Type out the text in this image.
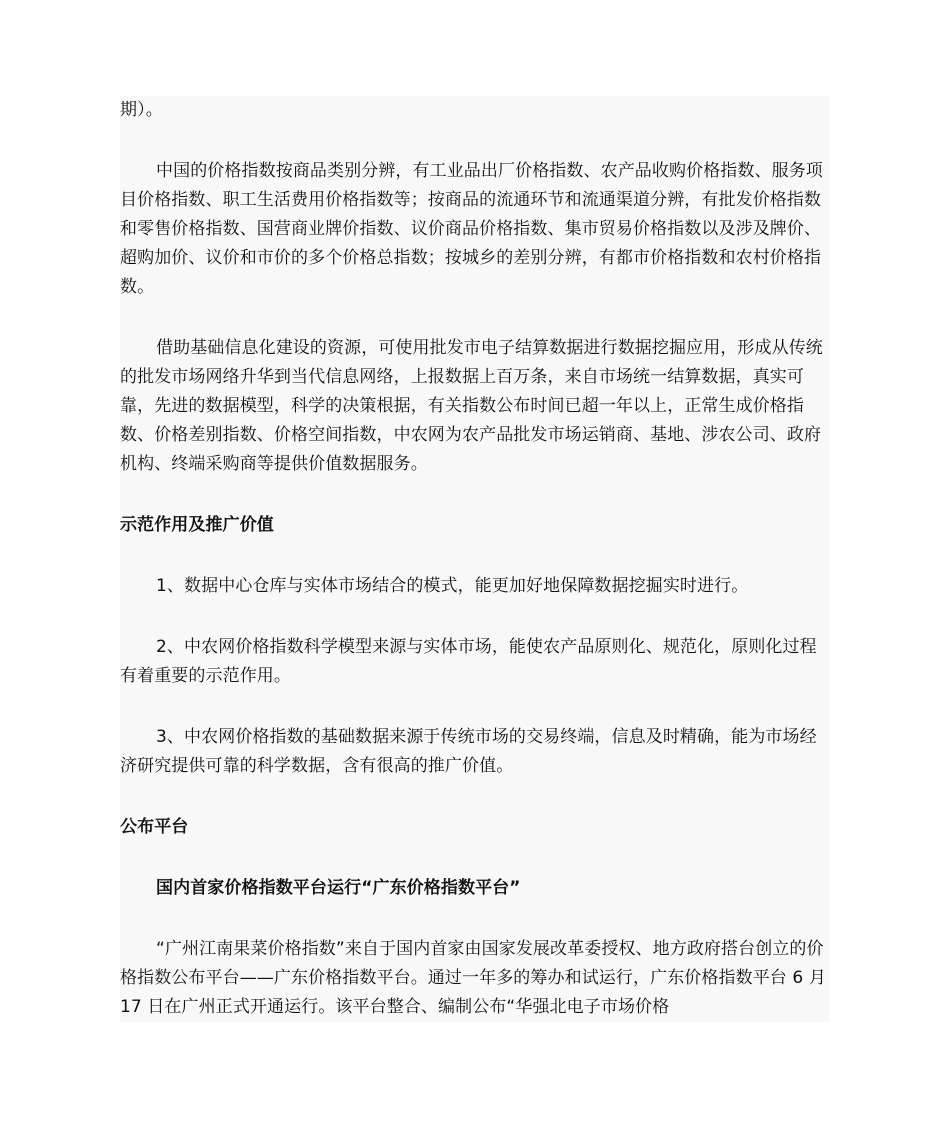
期）。

中国的价格指数按商品类别分辨，有工业品出厂价格指数、农产品收购价格指数、服务项目价格指数、职工生活费用价格指数等；按商品的流通环节和流通渠道分辨，有批发价格指数和零售价格指数、国营商业牌价指数、议价商品价格指数、集市贸易价格指数以及涉及牌价、超购加价、议价和市价的多个价格总指数；按城乡的差别分辨，有都市价格指数和农村价格指数。

借助基础信息化建设的资源，可使用批发市电子结算数据进行数据挖掘应用，形成从传统的批发市场网络升华到当代信息网络，上报数据上百万条，来自市场统一结算数据，真实可靠，先进的数据模型，科学的决策根据，有关指数公布时间已超一年以上，正常生成价格指数、价格差别指数、价格空间指数，中农网为农产品批发市场运销商、基地、涉农公司、政府机构、终端采购商等提供价值数据服务。

示范作用及推广价值

1、数据中心仓库与实体市场结合的模式，能更加好地保障数据挖掘实时进行。

2、中农网价格指数科学模型来源与实体市场，能使农产品原则化、规范化，原则化过程有着重要的示范作用。

3、中农网价格指数的基础数据来源于传统市场的交易终端，信息及时精确，能为市场经济研究提供可靠的科学数据，含有很高的推广价值。

公布平台

国内首家价格指数平台运行“广东价格指数平台”

“广州江南果菜价格指数”来自于国内首家由国家发展改革委授权、地方政府搭台创立的价格指数公布平台——广东价格指数平台。通过一年多的筹办和试运行，广东价格指数平台 6 月 17 日在广州正式开通运行。该平台整合、编制公布“华强北电子市场价格
